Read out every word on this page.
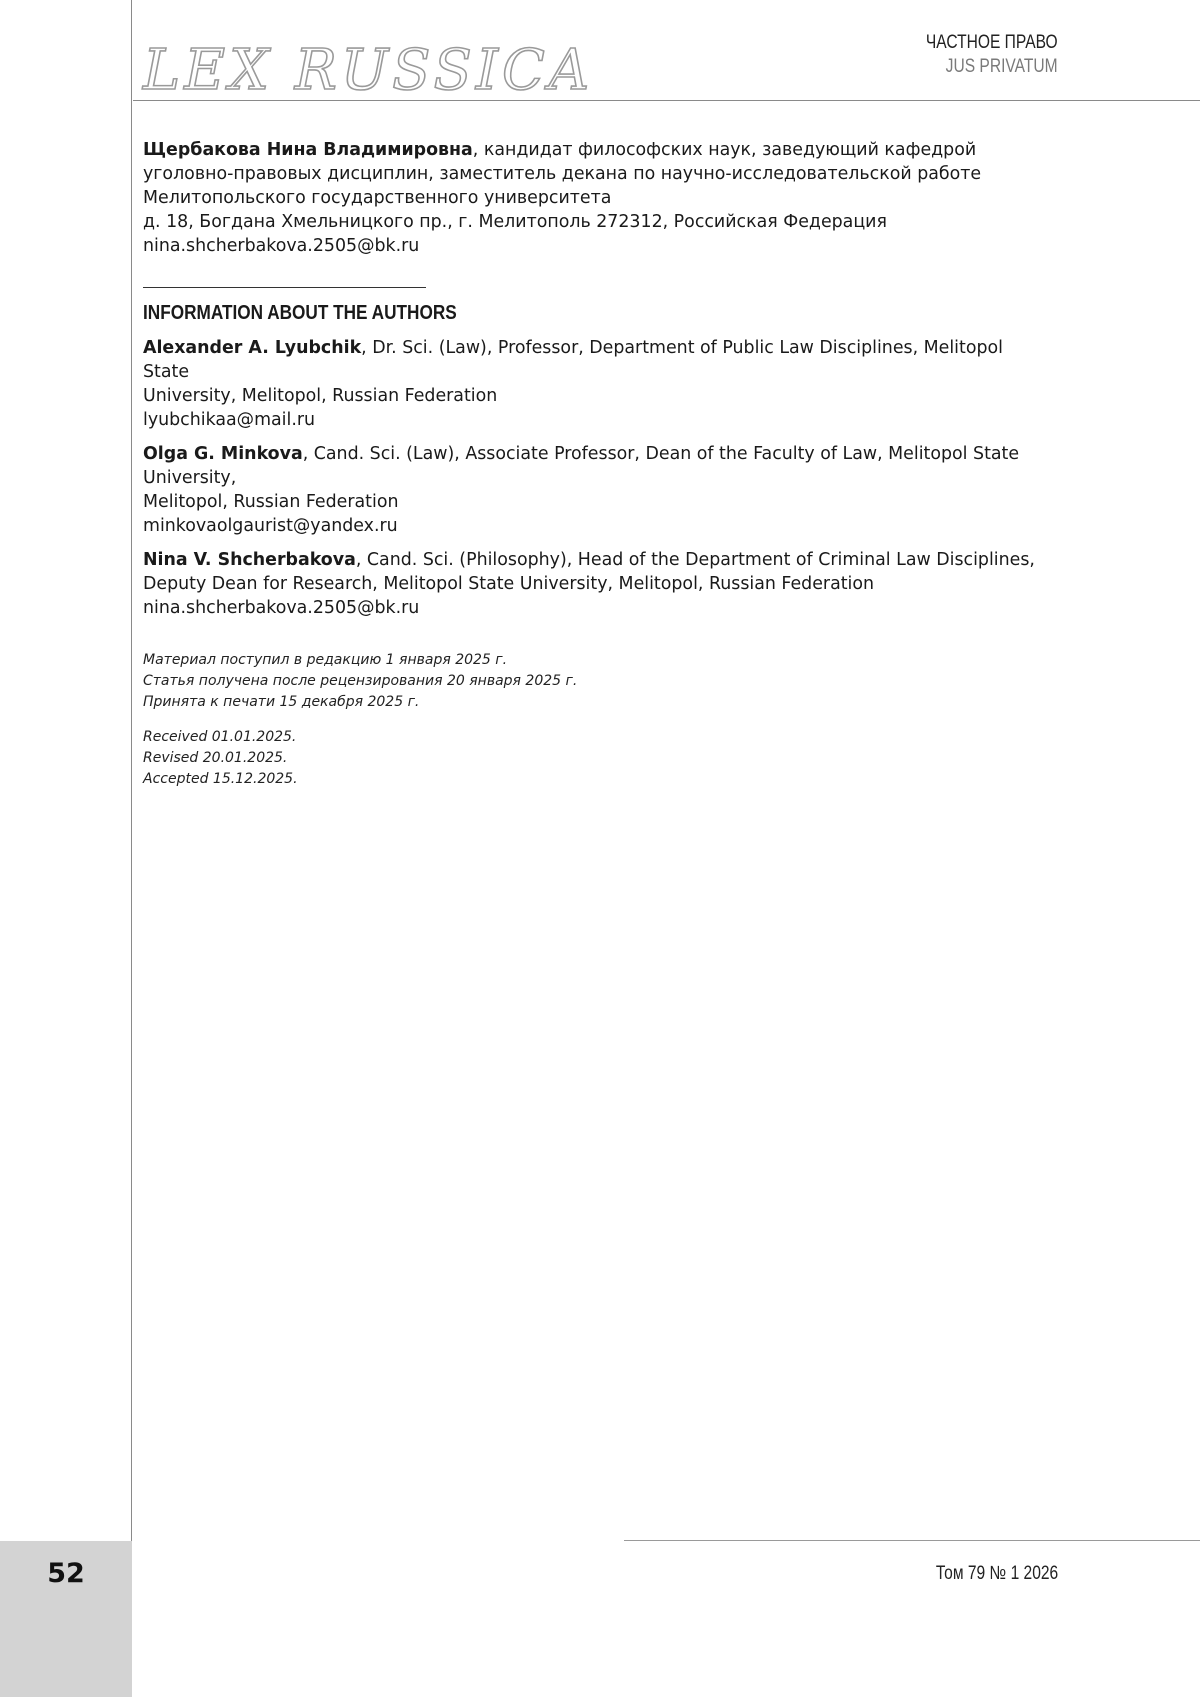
52
LEX RUSSICA	ЧАСТНОЕ ПРАВО
JUS PRIVATUM

Щербакова Нина Владимировна, кандидат философских наук, заведующий кафедрой

уголовно-правовых дисциплин, заместитель декана по научно-исследовательской работе

Мелитопольского государственного университета

д. 18, Богдана Хмельницкого пр., г. Мелитополь 272312, Российская Федерация

nina.shcherbakova.2505@bk.ru

INFORMATION ABOUT THE AUTHORS

Alexander A. Lyubchik, Dr. Sci. (Law), Professor, Department of Public Law Disciplines, Melitopol State

University, Melitopol, Russian Federation

lyubchikaa@mail.ru

Olga G. Minkova, Cand. Sci. (Law), Associate Professor, Dean of the Faculty of Law, Melitopol State University,

Melitopol, Russian Federation

minkovaolgaurist@yandex.ru

Nina V. Shcherbakova, Cand. Sci. (Philosophy), Head of the Department of Criminal Law Disciplines,

Deputy Dean for Research, Melitopol State University, Melitopol, Russian Federation

nina.shcherbakova.2505@bk.ru

Материал поступил в редакцию 1 января 2025 г.

Статья получена после рецензирования 20 января 2025 г.

Принята к печати 15 декабря 2025 г.

Received 01.01.2025.

Revised 20.01.2025.

Accepted 15.12.2025.

Том 79 № 1 2026
